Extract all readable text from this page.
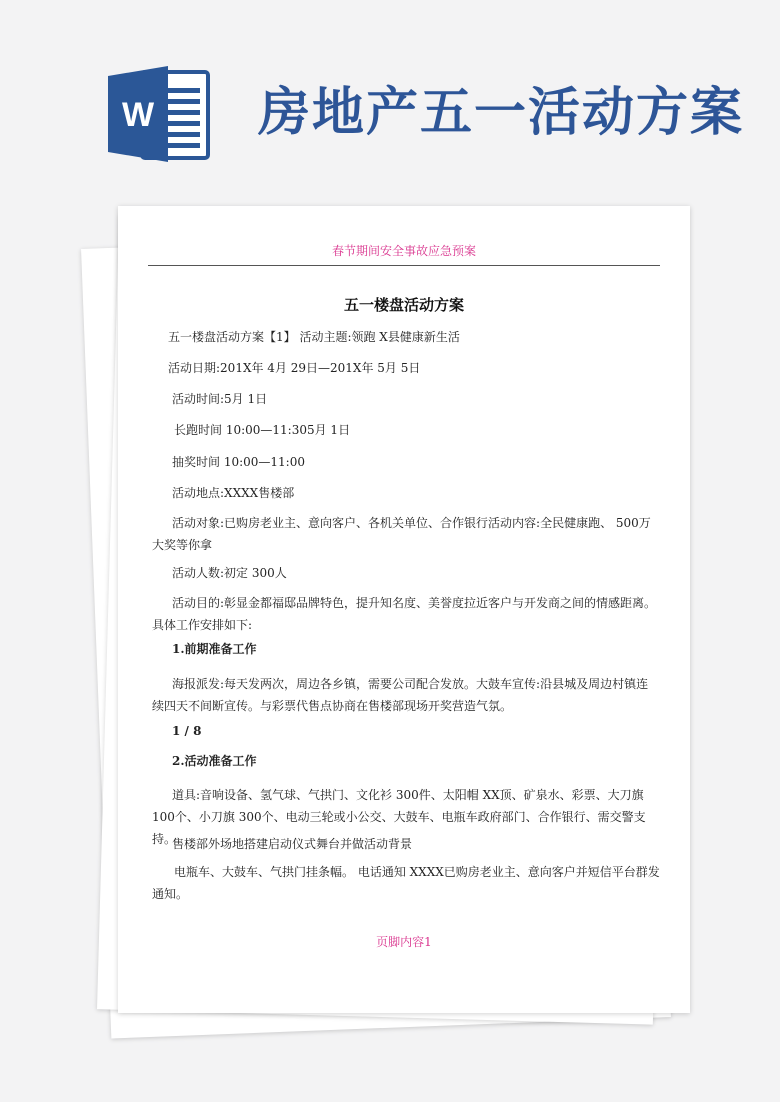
W 房地产五一活动方案
春节期间安全事故应急预案
五一楼盘活动方案
五一楼盘活动方案【1】 活动主题:领跑 X县健康新生活
活动日期:201X年 4月 29日—201X年 5月 5日
活动时间:5月 1日
长跑时间 10:00—11:305月 1日
抽奖时间 10:00—11:00
活动地点:XXXX售楼部
活动对象:已购房老业主、意向客户、各机关单位、合作银行活动内容:全民健康跑、 500万大奖等你拿
活动人数:初定 300人
活动目的:彰显金都福邸品牌特色，提升知名度、美誉度拉近客户与开发商之间的情感距离。具体工作安排如下:
1.前期准备工作
海报派发:每天发两次，周边各乡镇，需要公司配合发放。大鼓车宣传:沿县城及周边村镇连续四天不间断宣传。与彩票代售点协商在售楼部现场开奖营造气氛。
1 / 8
2.活动准备工作
道具:音响设备、氢气球、气拱门、文化衫 300件、太阳帽 XX顶、矿泉水、彩票、大刀旗 100个、小刀旗 300个、电动三轮或小公交、大鼓车、电瓶车政府部门、合作银行、需交警支持。
售楼部外场地搭建启动仪式舞台并做活动背景
电瓶车、大鼓车、气拱门挂条幅。 电话通知 XXXX已购房老业主、意向客户并短信平台群发通知。
页脚内容1
